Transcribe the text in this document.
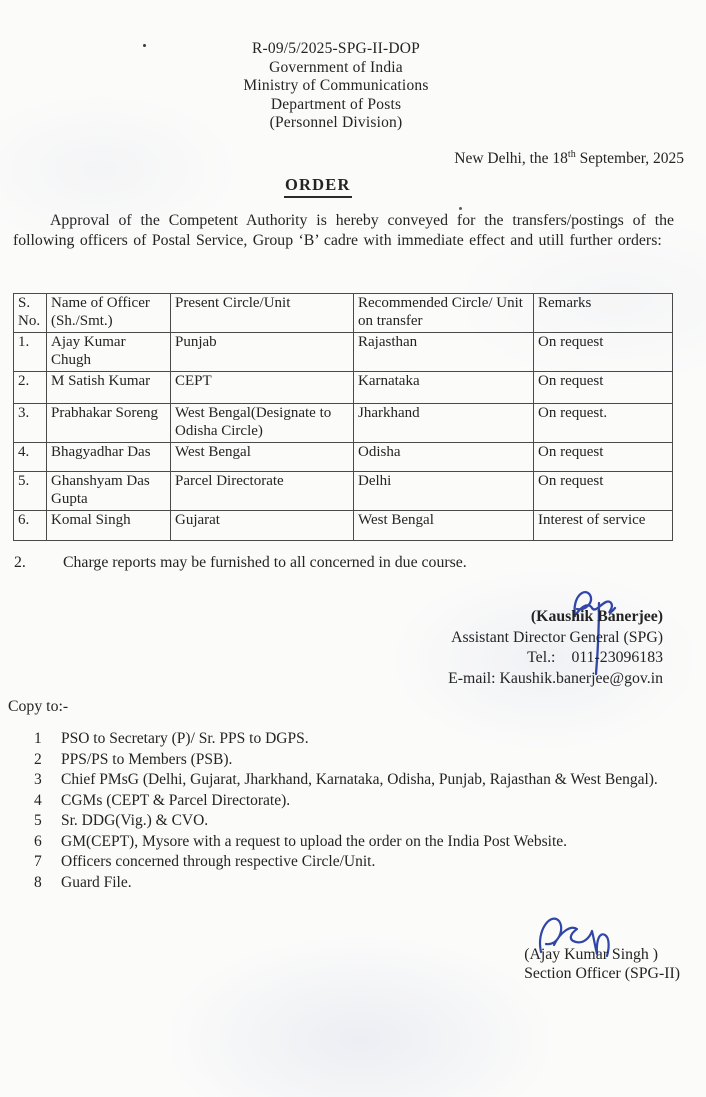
R-09/5/2025-SPG-II-DOP
Government of India
Ministry of Communications
Department of Posts
(Personnel Division)
New Delhi, the 18th September, 2025
ORDER
Approval of the Competent Authority is hereby conveyed for the transfers/postings of the following officers of Postal Service, Group ‘B’ cadre with immediate effect and utill further orders:
S. No.	Name of Officer (Sh./Smt.)	Present Circle/Unit	Recommended Circle/ Unit on transfer	Remarks
1.	Ajay Kumar Chugh	Punjab	Rajasthan	On request
2.	M Satish Kumar	CEPT	Karnataka	On request
3.	Prabhakar Soreng	West Bengal(Designate to Odisha Circle)	Jharkhand	On request.
4.	Bhagyadhar Das	West Bengal	Odisha	On request
5.	Ghanshyam Das Gupta	Parcel Directorate	Delhi	On request
6.	Komal Singh	Gujarat	West Bengal	Interest of service
2.	Charge reports may be furnished to all concerned in due course.
(Kaushik Banerjee)
Assistant Director General (SPG)
Tel.: 011-23096183
E-mail: Kaushik.banerjee@gov.in
Copy to:-
1	PSO to Secretary (P)/ Sr. PPS to DGPS.
2	PPS/PS to Members (PSB).
3	Chief PMsG (Delhi, Gujarat, Jharkhand, Karnataka, Odisha, Punjab, Rajasthan & West Bengal).
4	CGMs (CEPT & Parcel Directorate).
5	Sr. DDG(Vig.) & CVO.
6	GM(CEPT), Mysore with a request to upload the order on the India Post Website.
7	Officers concerned through respective Circle/Unit.
8	Guard File.
(Ajay Kumar Singh )
Section Officer (SPG-II)
